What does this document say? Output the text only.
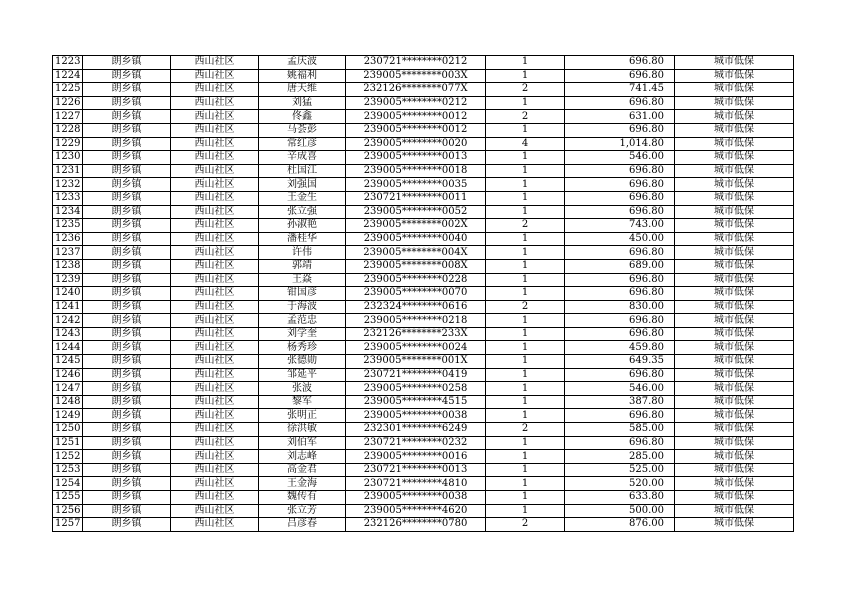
1223	朗乡镇	西山社区	孟庆波	230721********0212	1	696.80	城市低保
1224	朗乡镇	西山社区	姚福利	239005********003X	1	696.80	城市低保
1225	朗乡镇	西山社区	唐天维	232126********077X	2	741.45	城市低保
1226	朗乡镇	西山社区	刘猛	239005********0212	1	696.80	城市低保
1227	朗乡镇	西山社区	佟鑫	239005********0012	2	631.00	城市低保
1228	朗乡镇	西山社区	马荟彭	239005********0012	1	696.80	城市低保
1229	朗乡镇	西山社区	常红彦	239005********0020	4	1,014.80	城市低保
1230	朗乡镇	西山社区	辛成喜	239005********0013	1	546.00	城市低保
1231	朗乡镇	西山社区	杜国江	239005********0018	1	696.80	城市低保
1232	朗乡镇	西山社区	刘强国	239005********0035	1	696.80	城市低保
1233	朗乡镇	西山社区	王金生	230721********0011	1	696.80	城市低保
1234	朗乡镇	西山社区	张立强	239005********0052	1	696.80	城市低保
1235	朗乡镇	西山社区	孙淑艳	239005********002X	2	743.00	城市低保
1236	朗乡镇	西山社区	潘桂华	239005********0040	1	450.00	城市低保
1237	朗乡镇	西山社区	许伟	239005********004X	1	696.80	城市低保
1238	朗乡镇	西山社区	郭靖	239005********008X	1	689.00	城市低保
1239	朗乡镇	西山社区	王焱	239005********0228	1	696.80	城市低保
1240	朗乡镇	西山社区	钳国彦	239005********0070	1	696.80	城市低保
1241	朗乡镇	西山社区	于海波	232324********0616	2	830.00	城市低保
1242	朗乡镇	西山社区	孟范忠	239005********0218	1	696.80	城市低保
1243	朗乡镇	西山社区	刘学奎	232126********233X	1	696.80	城市低保
1244	朗乡镇	西山社区	杨秀珍	239005********0024	1	459.80	城市低保
1245	朗乡镇	西山社区	张德勋	239005********001X	1	649.35	城市低保
1246	朗乡镇	西山社区	邹延平	230721********0419	1	696.80	城市低保
1247	朗乡镇	西山社区	张波	239005********0258	1	546.00	城市低保
1248	朗乡镇	西山社区	黎军	239005********4515	1	387.80	城市低保
1249	朗乡镇	西山社区	张明正	239005********0038	1	696.80	城市低保
1250	朗乡镇	西山社区	徐洪敏	232301********6249	2	585.00	城市低保
1251	朗乡镇	西山社区	刘伯军	230721********0232	1	696.80	城市低保
1252	朗乡镇	西山社区	刘志峰	239005********0016	1	285.00	城市低保
1253	朗乡镇	西山社区	高金君	230721********0013	1	525.00	城市低保
1254	朗乡镇	西山社区	王金海	230721********4810	1	520.00	城市低保
1255	朗乡镇	西山社区	魏传有	239005********0038	1	633.80	城市低保
1256	朗乡镇	西山社区	张立芳	239005********4620	1	500.00	城市低保
1257	朗乡镇	西山社区	吕彦春	232126********0780	2	876.00	城市低保
